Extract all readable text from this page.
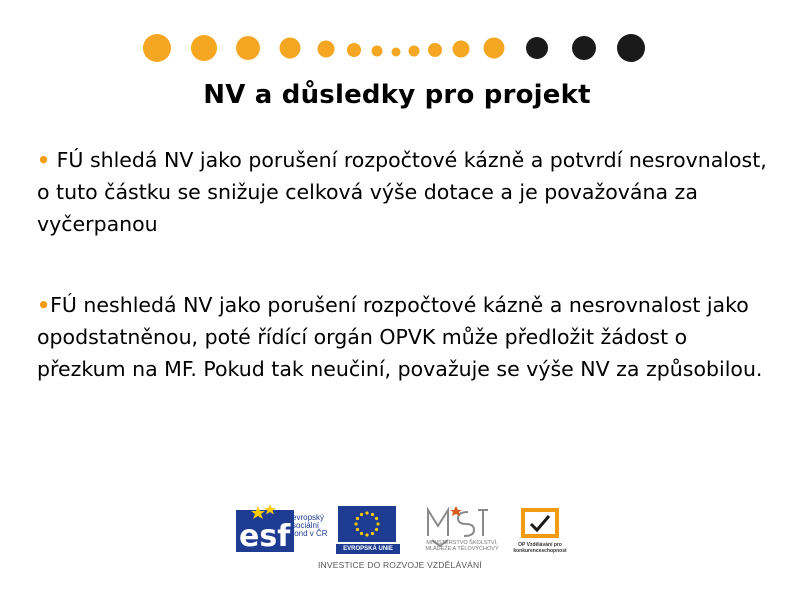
NV a důsledky pro projekt
• FÚ shledá NV jako porušení rozpočtové kázně a potvrdí nesrovnalost, o tuto částku se snižuje celková výše dotace a je považována za vyčerpanou
•FÚ neshledá NV jako porušení rozpočtové kázně a nesrovnalost jako opodstatněnou, poté řídící orgán OPVK může předložit žádost o přezkum na MF. Pokud tak neučiní, považuje se výše NV za způsobilou.
esf
evropský sociální fond v ČR
EVROPSKÁ UNIE
MINISTERSTVO ŠKOLSTVÍ, MLÁDEŽE A TĚLOVÝCHOVY
OP Vzdělávání pro konkurenceschopnost
INVESTICE DO ROZVOJE VZDĚLÁVÁNÍ
